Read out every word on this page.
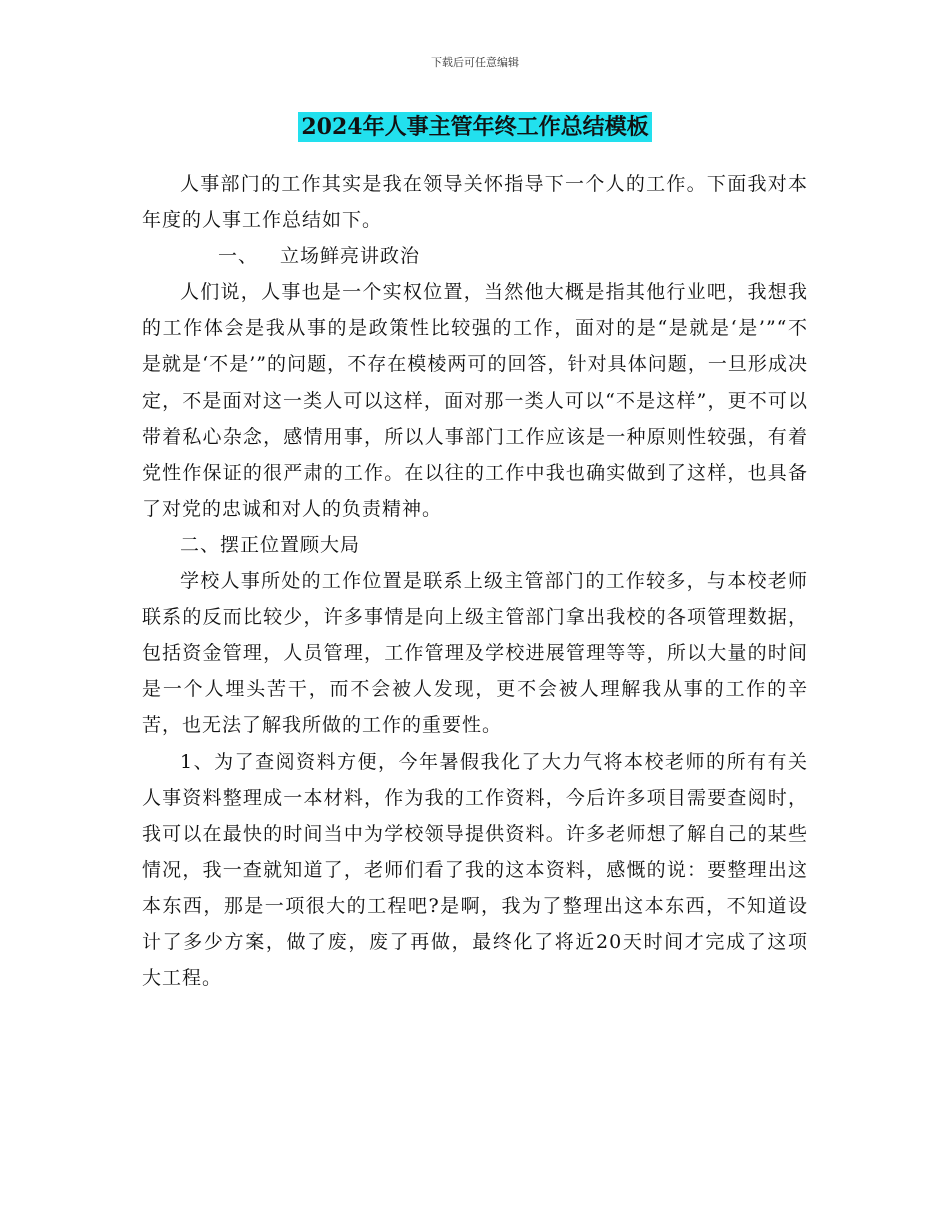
下载后可任意编辑
2024年人事主管年终工作总结模板

人事部门的工作其实是我在领导关怀指导下一个人的工作。下面我对本年度的人事工作总结如下。

一、 立场鲜亮讲政治

人们说，人事也是一个实权位置，当然他大概是指其他行业吧，我想我的工作体会是我从事的是政策性比较强的工作，面对的是“是就是‘是’”“不是就是‘不是’”的问题，不存在模棱两可的回答，针对具体问题，一旦形成决定，不是面对这一类人可以这样，面对那一类人可以“不是这样”，更不可以带着私心杂念，感情用事，所以人事部门工作应该是一种原则性较强，有着党性作保证的很严肃的工作。在以往的工作中我也确实做到了这样，也具备了对党的忠诚和对人的负责精神。

二、摆正位置顾大局

学校人事所处的工作位置是联系上级主管部门的工作较多，与本校老师联系的反而比较少，许多事情是向上级主管部门拿出我校的各项管理数据，包括资金管理，人员管理，工作管理及学校进展管理等等，所以大量的时间是一个人埋头苦干，而不会被人发现，更不会被人理解我从事的工作的辛苦，也无法了解我所做的工作的重要性。

1、为了查阅资料方便，今年暑假我化了大力气将本校老师的所有有关人事资料整理成一本材料，作为我的工作资料，今后许多项目需要查阅时，我可以在最快的时间当中为学校领导提供资料。许多老师想了解自己的某些情况，我一查就知道了，老师们看了我的这本资料，感慨的说：要整理出这本东西，那是一项很大的工程吧?是啊，我为了整理出这本东西，不知道设计了多少方案，做了废，废了再做，最终化了将近20天时间才完成了这项大工程。
